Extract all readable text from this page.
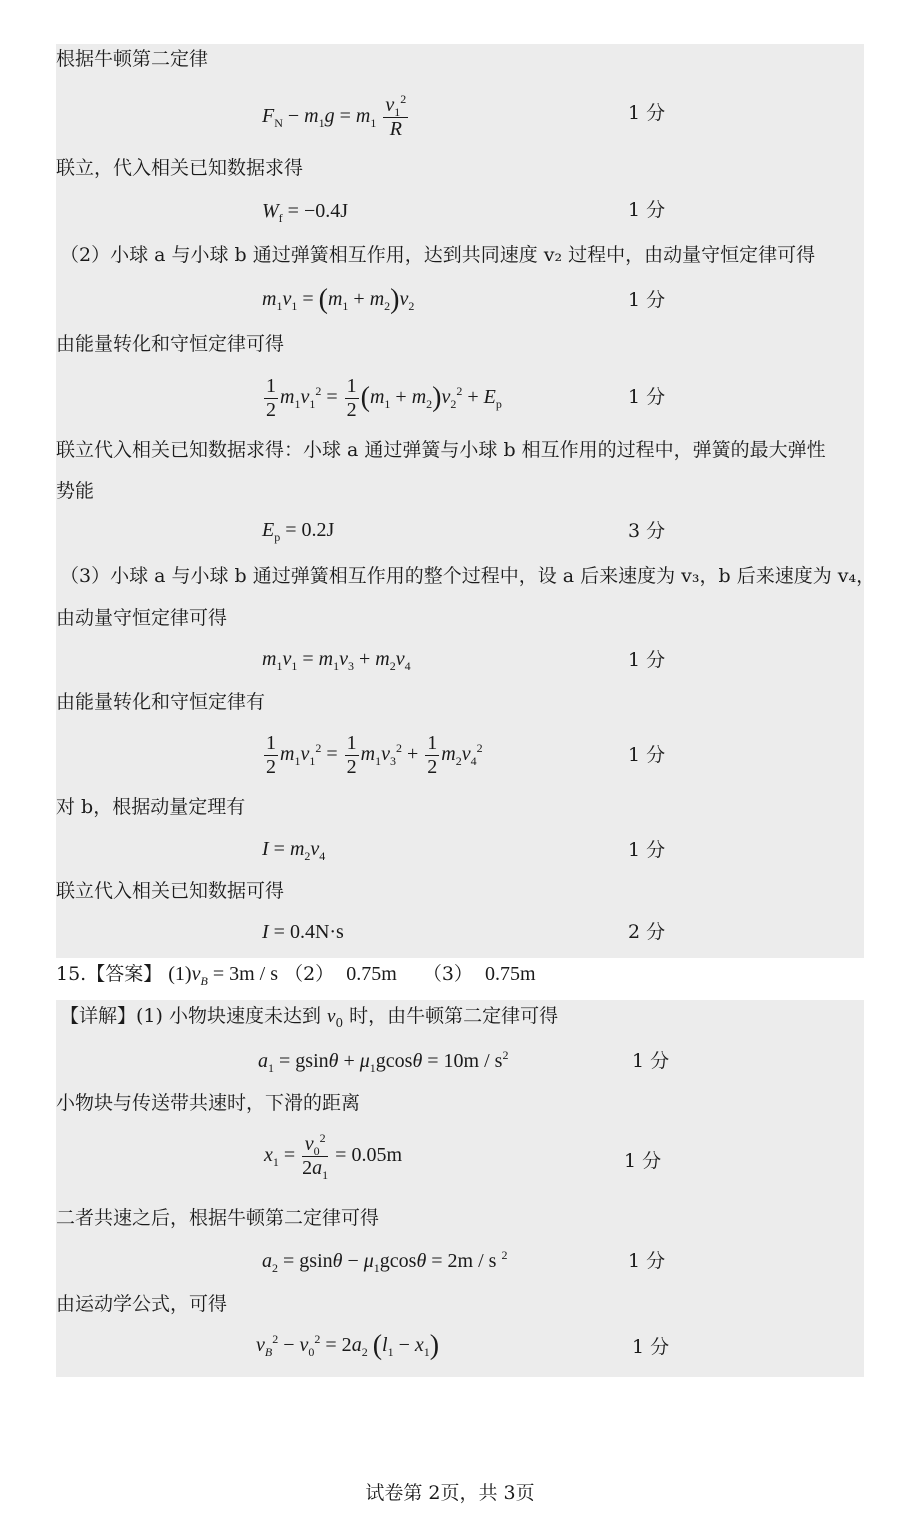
根据牛顿第二定律
$F_N - m_1g = m_1 \frac{v_1^2}{R}$	1 分
联立，代入相关已知数据求得
$W_f = -0.4J$	1 分
（2）小球 a 与小球 b 通过弹簧相互作用，达到共同速度 v₂ 过程中，由动量守恒定律可得
$m_1v_1 = (m_1 + m_2)v_2$	1 分
由能量转化和守恒定律可得
$\frac{1}{2} m_1v_1^2 = \frac{1}{2} (m_1 + m_2)v_2^2 + E_p$	1 分
联立代入相关已知数据求得：小球 a 通过弹簧与小球 b 相互作用的过程中，弹簧的最大弹性
势能
$E_p = 0.2J$	3 分
（3）小球 a 与小球 b 通过弹簧相互作用的整个过程中，设 a 后来速度为 v₃，b 后来速度为 v₄，
由动量守恒定律可得
$m_1v_1 = m_1v_3 + m_2v_4$	1 分
由能量转化和守恒定律有
$\frac{1}{2} m_1v_1^2 = \frac{1}{2} m_1v_3^2 + \frac{1}{2} m_2v_4^2$	1 分
对 b，根据动量定理有
$I = m_2v_4$	1 分
联立代入相关已知数据可得
I = 0.4N·s	2 分
15.【答案】 $(1)v_B = 3m / s$ （2） 0.75m （3） 0.75m
【详解】(1) 小物块速度未达到 $v_0$ 时，由牛顿第二定律可得
$a_1 = gsin\theta + \mu_1gcos\theta = 10m / s^2$	1 分
小物块与传送带共速时，下滑的距离
$x_1 = \frac{v_0^2}{2a_1} = 0.05m$	1 分
二者共速之后，根据牛顿第二定律可得
$a_2 = gsin\theta - \mu_1gcos\theta = 2m / s$ $^2$	1 分
由运动学公式，可得
$v_B^2 - v_0^2 = 2a_2$ $(l_1 - x_1)$	1 分
试卷第 2页，共 3页
